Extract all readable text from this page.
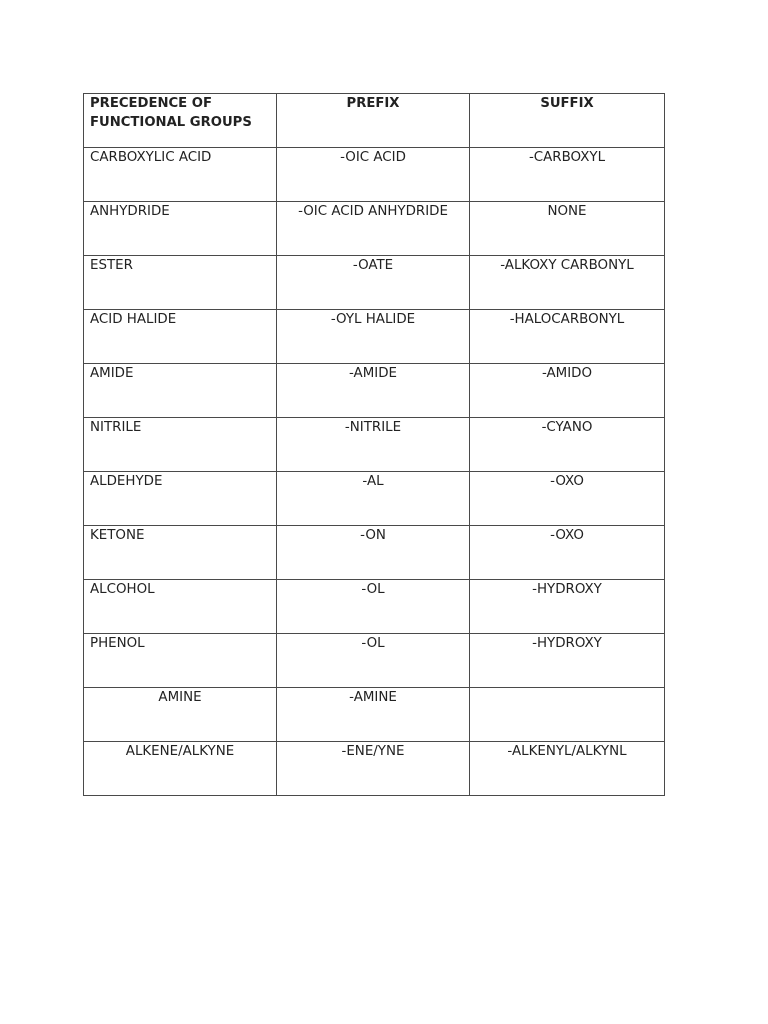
PRECEDENCE OF FUNCTIONAL GROUPS	PREFIX	SUFFIX

CARBOXYLIC ACID	-OIC ACID	-CARBOXYL

ANHYDRIDE	-OIC ACID ANHYDRIDE	NONE

ESTER	-OATE	-ALKOXY CARBONYL

ACID HALIDE	-OYL HALIDE	-HALOCARBONYL

AMIDE	-AMIDE	-AMIDO

NITRILE	-NITRILE	-CYANO

ALDEHYDE	-AL	-OXO

KETONE	-ON	-OXO

ALCOHOL	-OL	-HYDROXY

PHENOL	-OL	-HYDROXY

AMINE	-AMINE	

ALKENE/ALKYNE	-ENE/YNE	-ALKENYL/ALKYNL
